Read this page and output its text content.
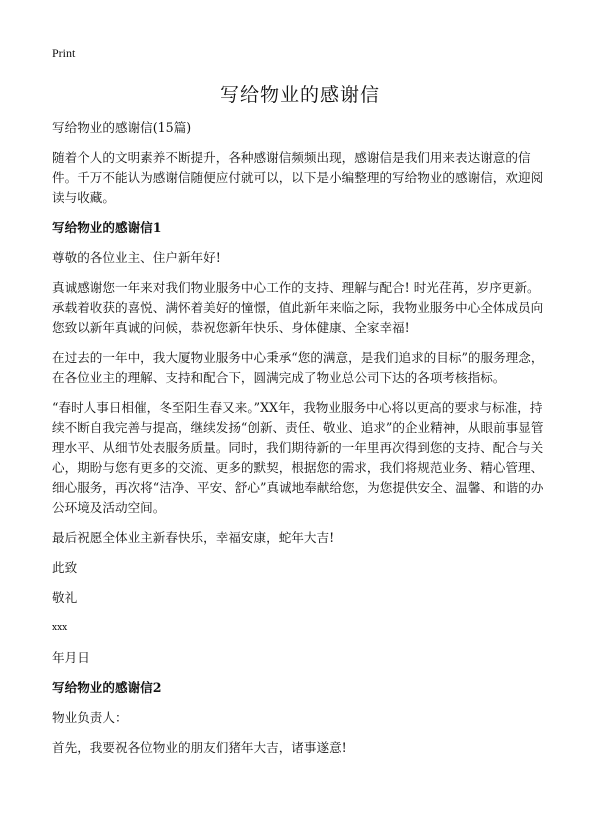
Print
写给物业的感谢信

写给物业的感谢信(15篇)

随着个人的文明素养不断提升，各种感谢信频频出现，感谢信是我们用来表达谢意的信件。千万不能认为感谢信随便应付就可以，以下是小编整理的写给物业的感谢信，欢迎阅读与收藏。

写给物业的感谢信1

尊敬的各位业主、住户新年好!

真诚感谢您一年来对我们物业服务中心工作的支持、理解与配合! 时光荏苒，岁序更新。承载着收获的喜悦、满怀着美好的憧憬，值此新年来临之际，我物业服务中心全体成员向您致以新年真诚的问候，恭祝您新年快乐、身体健康、全家幸福!

在过去的一年中，我大厦物业服务中心秉承“您的满意，是我们追求的目标”的服务理念，在各位业主的理解、支持和配合下，圆满完成了物业总公司下达的各项考核指标。

“春时人事日相催，冬至阳生春又来。”XX年，我物业服务中心将以更高的要求与标准，持续不断自我完善与提高，继续发扬“创新、责任、敬业、追求”的企业精神，从眼前事显管理水平、从细节处表服务质量。同时，我们期待新的一年里再次得到您的支持、配合与关心，期盼与您有更多的交流、更多的默契，根据您的需求，我们将规范业务、精心管理、细心服务，再次将“洁净、平安、舒心”真诚地奉献给您，为您提供安全、温馨、和谐的办公环境及活动空间。

最后祝愿全体业主新春快乐，幸福安康，蛇年大吉!

此致

敬礼

xxx

年月日

写给物业的感谢信2

物业负责人：

首先，我要祝各位物业的朋友们猪年大吉，诸事遂意!
